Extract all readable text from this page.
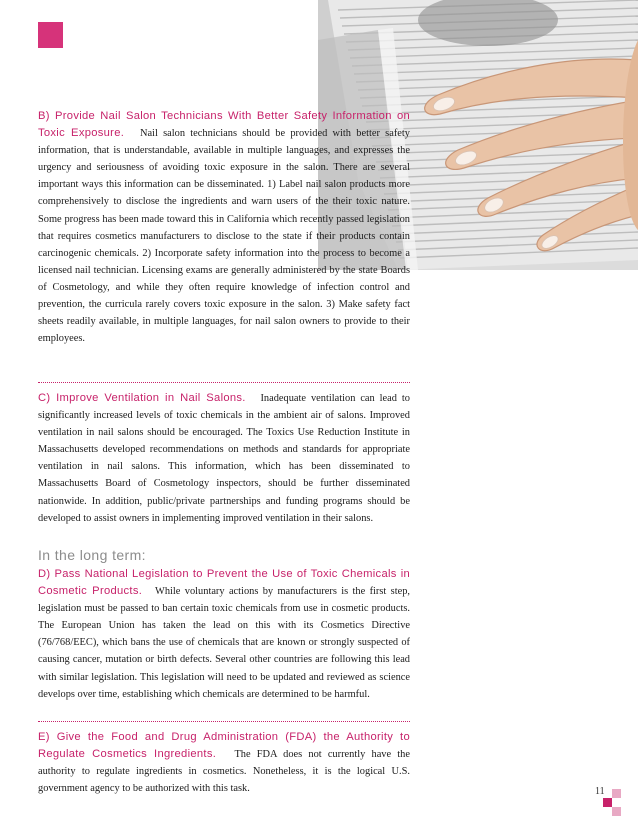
B) Provide Nail Salon Technicians With Better Safety Information on Toxic Exposure. Nail salon technicians should be provided with better safety information, that is understandable, available in multiple languages, and expresses the urgency and seriousness of avoiding toxic exposure in the salon. There are several important ways this information can be disseminated. 1) Label nail salon products more comprehensively to disclose the ingredients and warn users of the their toxic nature. Some progress has been made toward this in California which recently passed legislation that requires cosmetics manufacturers to disclose to the state if their products contain carcinogenic chemicals. 2) Incorporate safety information into the process to become a licensed nail technician. Licensing exams are generally administered by the state Boards of Cosmetology, and while they often require knowledge of infection control and prevention, the curricula rarely covers toxic exposure in the salon. 3) Make safety fact sheets readily available, in multiple languages, for nail salon owners to provide to their employees.
C) Improve Ventilation in Nail Salons. Inadequate ventilation can lead to significantly increased levels of toxic chemicals in the ambient air of salons. Improved ventilation in nail salons should be encouraged. The Toxics Use Reduction Institute in Massachusetts developed recommendations on methods and standards for appropriate ventilation in nail salons. This information, which has been disseminated to Massachusetts Board of Cosmetology inspectors, should be further disseminated nationwide. In addition, public/private partnerships and funding programs should be developed to assist owners in implementing improved ventilation in their salons.
In the long term:
D) Pass National Legislation to Prevent the Use of Toxic Chemicals in Cosmetic Products. While voluntary actions by manufacturers is the first step, legislation must be passed to ban certain toxic chemicals from use in cosmetic products. The European Union has taken the lead on this with its Cosmetics Directive (76/768/EEC), which bans the use of chemicals that are known or strongly suspected of causing cancer, mutation or birth defects. Several other countries are following this lead with similar legislation. This legislation will need to be updated and reviewed as science develops over time, establishing which chemicals are determined to be harmful.
E) Give the Food and Drug Administration (FDA) the Authority to Regulate Cosmetics Ingredients. The FDA does not currently have the authority to regulate ingredients in cosmetics. Nonetheless, it is the logical U.S. government agency to be authorized with this task.	11
